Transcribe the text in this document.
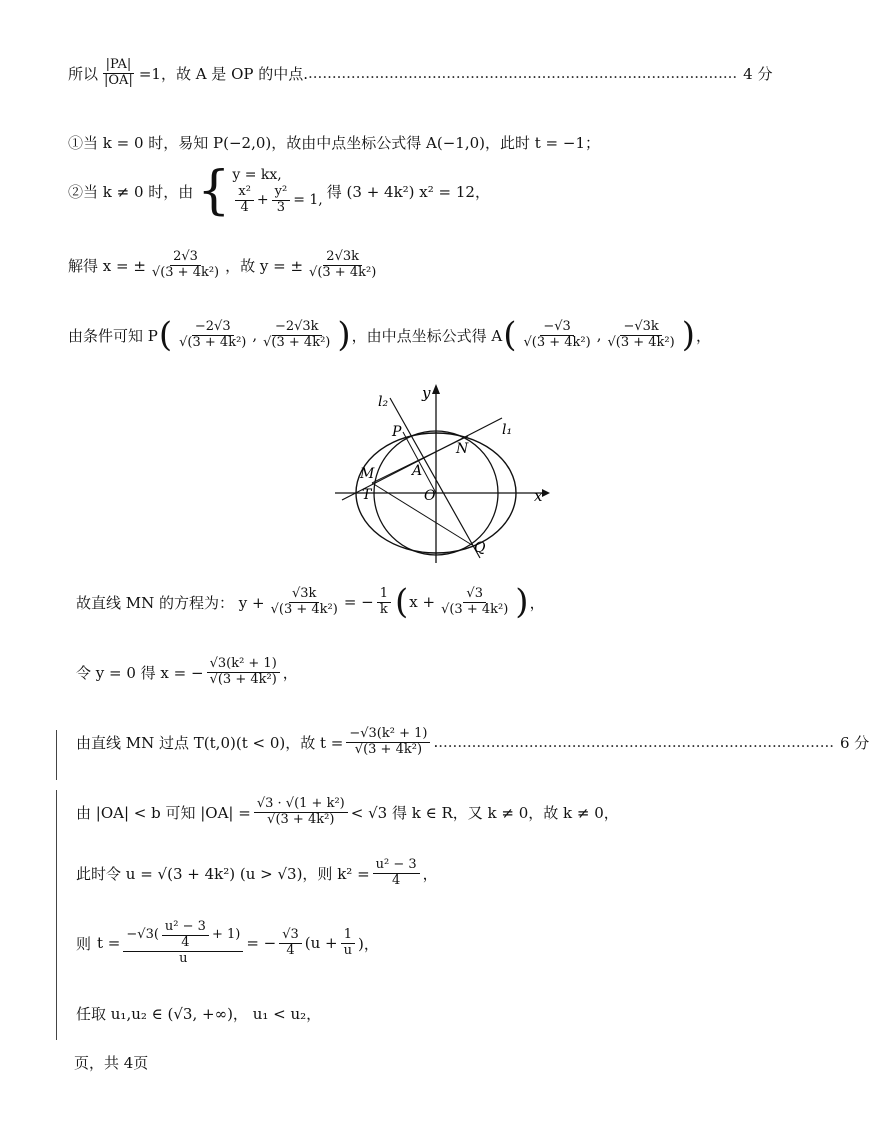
所以 $\frac{|PA|}{|OA|} =1$，故 A 是 OP 的中点. .......................................................................................... 4 分
①当 k = 0 时，易知 P(−2,0)，故由中点坐标公式得 A(−1,0)，此时 t = −1；
②当 k ≠ 0 时，由 { y = kx,
$\frac{\text{x²}}{4} + \frac{\text{y²}}{3} = 1$, 得 (3 + 4k²) x² = 12，
解得 x = ± $\frac{2√3}{\text{√(3 + 4k²)}}$ ，故 y = ± $\frac{2√3k}{\text{√(3 + 4k²)}}$
由条件可知 P ( $\frac{-2√3}{\text{√(3 + 4k²)}}$ , $\frac{-2√3k}{\text{√(3 + 4k²)}}$ ) ，由中点坐标公式得 A ( $\frac{-√3}{\text{√(3 + 4k²)}}$ , $\frac{-√3k}{\text{√(3 + 4k²)}}$ ) ，
l₂ y
l₁
P
N
M	A
T	O	x
Q
故直线 MN 的方程为： $y + \frac{√3k}{\text{√(3 + 4k²)}}$ = − $\frac{1}{k}$ ( $x + \frac{√3}{\text{√(3 + 4k²)}}$ ) ，
令 y = 0 得 x = − $\frac{\text{√3(k² + 1)}}{\text{√(3 + 4k²)}}$ ，
由直线 MN 过点 T(t,0)(t < 0)，故 $t = \frac{\text{−√3(k² + 1)}}{\text{√(3 + 4k²)}}$ . ................................................................................... 6 分
由 |OA| < b 可知 $|OA| = \frac{\text{√3 · √(1 + k²)}}{\text{√(3 + 4k²)}} < √3$ 得 k ∈ R，又 k ≠ 0，故 k ≠ 0，
此时令 u = √(3 + 4k²) (u > √3)，则 $k^2 = \frac{\text{u² − 3}}{4}$ ，
则 $t = \frac{-√3( \frac{\text{u² − 3}}{4} + 1)}{u}$ = − $\frac{√3}{4} (u + \frac{1}{u}$ )，
任取 u₁,u₂ ∈ (√3, +∞)， u₁ < u₂，
页，共 4页
